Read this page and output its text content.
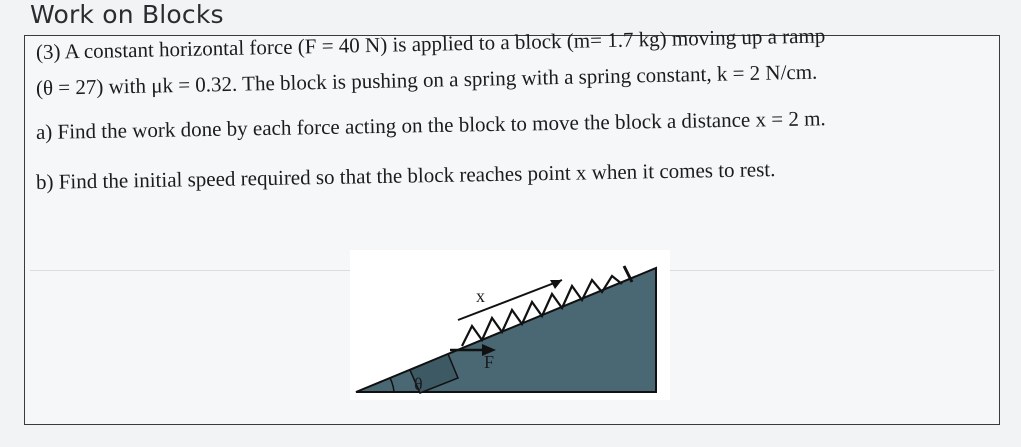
Work on Blocks
(3) A constant horizontal force (F = 40 N) is applied to a block (m= 1.7 kg) moving up a ramp
(θ = 27) with μk = 0.32. The block is pushing on a spring with a spring constant, k = 2 N/cm.
a) Find the work done by each force acting on the block to move the block a distance x = 2 m.
b) Find the initial speed required so that the block reaches point x when it comes to rest.
x
F
θ
